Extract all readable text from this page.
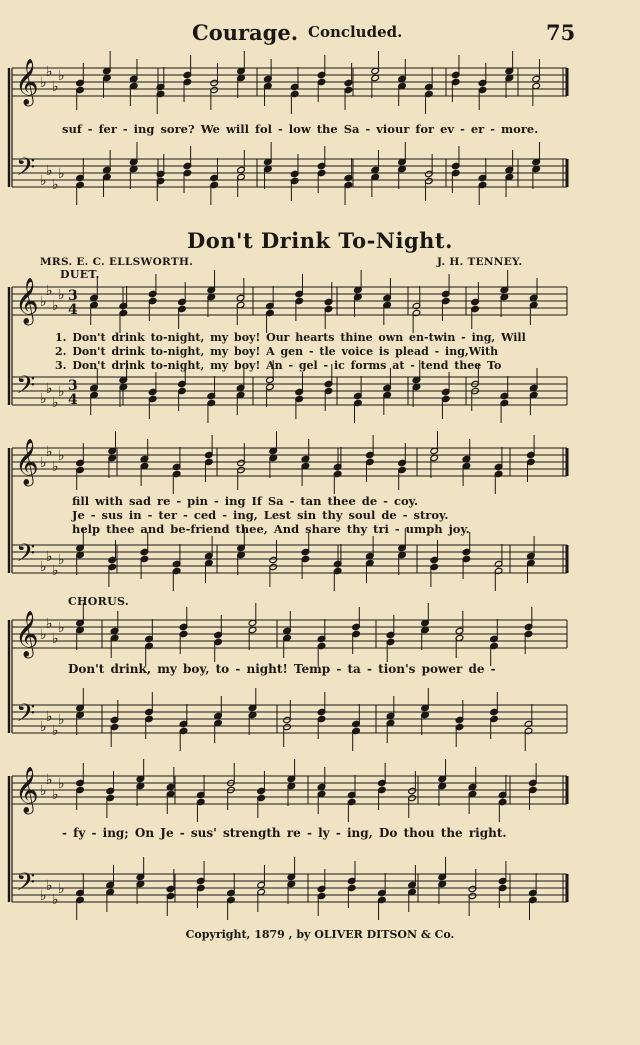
Courage. Concluded.	75
𝄞
𝄢
♭
♭
♭
♭
♭
♭
♭
♭
𝄞
𝄢
♭
♭
♭
♭
♭
♭
♭
♭
3
4
3
4
𝄞
𝄢
♭
♭
♭
♭
♭
♭
♭
♭
𝄞
𝄢
♭
♭
♭
♭
♭
♭
♭
♭
𝄞
𝄢
♭
♭
♭
♭
♭
♭
♭
♭
suf - fer - ing sore? We will fol - low the Sa - viour for ev - er - more.
Don't Drink To-Night.
MRS. E. C. ELLSWORTH.	J. H. TENNEY.
DUET.
1. Don't drink to-night, my boy! Our hearts thine own en-twin - ing, Will
2. Don't drink to-night, my boy! A gen - tle voice is plead - ing,With
3. Don't drink to-night, my boy! An - gel - ic forms at - tend thee To
fill with sad re - pin - ing If Sa - tan thee de - coy.
Je - sus in - ter - ced - ing, Lest sin thy soul de - stroy.
help thee and be-friend thee, And share thy tri - umph joy.
CHORUS.
Don't drink, my boy, to - night! Temp - ta - tion's power de -
- fy - ing; On Je - sus' strength re - ly - ing, Do thou the right.
Copyright, 1879 , by OLIVER DITSON & Co.
